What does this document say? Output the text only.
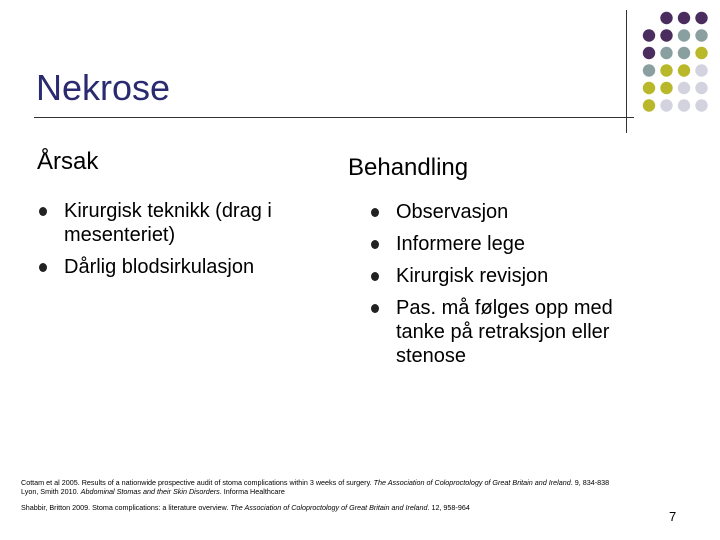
Nekrose
Årsak
Kirurgisk teknikk (drag i mesenteriet)
Dårlig blodsirkulasjon
Behandling
Observasjon
Informere lege
Kirurgisk revisjon
Pas. må følges opp med tanke på retraksjon eller stenose

Cottam et al 2005. Results of a nationwide prospective audit of stoma complications within 3 weeks of surgery. The Association of Coloproctology of Great Britain and Ireland. 9, 834-838

Lyon, Smith 2010. Abdominal Stomas and their Skin Disorders. Informa Healthcare

Shabbir, Britton 2009. Stoma complications: a literature overview. The Association of Coloproctology of Great Britain and Ireland. 12, 958-964

7
